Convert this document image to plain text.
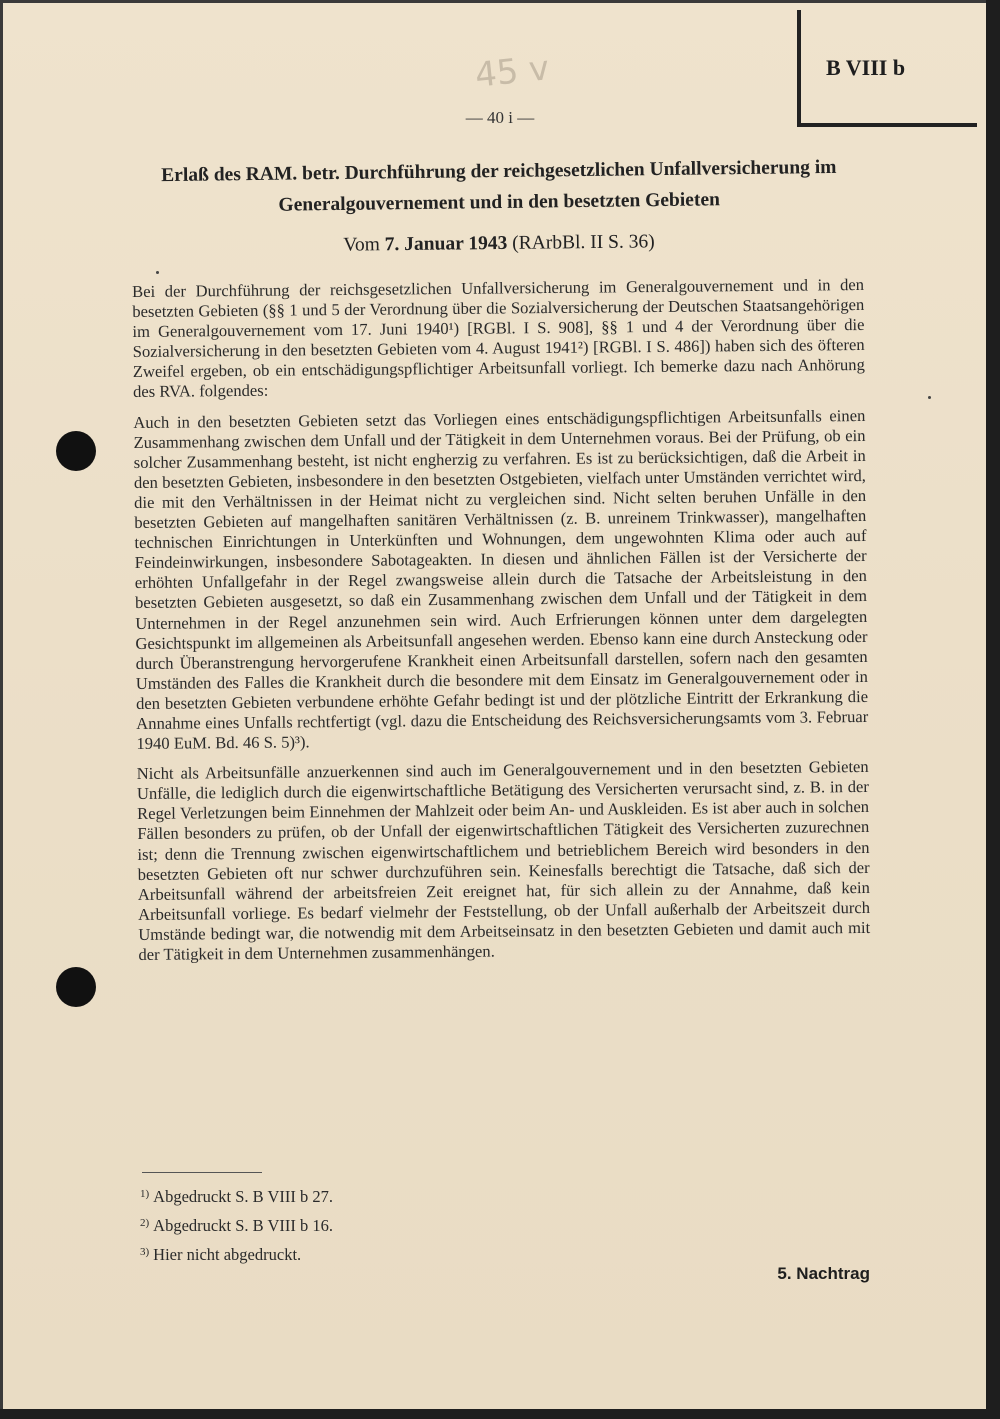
B VIII b
45 v
— 40 i —
Erlaß des RAM. betr. Durchführung der reichgesetzlichen Unfallversicherung im Generalgouvernement und in den besetzten Gebieten
Vom 7. Januar 1943 (RArbBl. II S. 36)

Bei der Durchführung der reichsgesetzlichen Unfallversicherung im Generalgouvernement und in den besetzten Gebieten (§§ 1 und 5 der Verordnung über die Sozialversicherung der Deutschen Staatsangehörigen im Generalgouvernement vom 17. Juni 1940¹) [RGBl. I S. 908], §§ 1 und 4 der Verordnung über die Sozialversicherung in den besetzten Gebieten vom 4. August 1941²) [RGBl. I S. 486]) haben sich des öfteren Zweifel ergeben, ob ein entschädigungspflichtiger Arbeitsunfall vorliegt. Ich bemerke dazu nach Anhörung des RVA. folgendes:

Auch in den besetzten Gebieten setzt das Vorliegen eines entschädigungspflichtigen Arbeitsunfalls einen Zusammenhang zwischen dem Unfall und der Tätigkeit in dem Unternehmen voraus. Bei der Prüfung, ob ein solcher Zusammenhang besteht, ist nicht engherzig zu verfahren. Es ist zu berücksichtigen, daß die Arbeit in den besetzten Gebieten, insbesondere in den besetzten Ostgebieten, vielfach unter Umständen verrichtet wird, die mit den Verhältnissen in der Heimat nicht zu vergleichen sind. Nicht selten beruhen Unfälle in den besetzten Gebieten auf mangelhaften sanitären Verhältnissen (z. B. unreinem Trinkwasser), mangelhaften technischen Einrichtungen in Unterkünften und Wohnungen, dem ungewohnten Klima oder auch auf Feindeinwirkungen, insbesondere Sabotageakten. In diesen und ähnlichen Fällen ist der Versicherte der erhöhten Unfallgefahr in der Regel zwangsweise allein durch die Tatsache der Arbeitsleistung in den besetzten Gebieten ausgesetzt, so daß ein Zusammenhang zwischen dem Unfall und der Tätigkeit in dem Unternehmen in der Regel anzunehmen sein wird. Auch Erfrierungen können unter dem dargelegten Gesichtspunkt im allgemeinen als Arbeitsunfall angesehen werden. Ebenso kann eine durch Ansteckung oder durch Überanstrengung hervorgerufene Krankheit einen Arbeitsunfall darstellen, sofern nach den gesamten Umständen des Falles die Krankheit durch die besondere mit dem Einsatz im Generalgouvernement oder in den besetzten Gebieten verbundene erhöhte Gefahr bedingt ist und der plötzliche Eintritt der Erkrankung die Annahme eines Unfalls rechtfertigt (vgl. dazu die Entscheidung des Reichsversicherungsamts vom 3. Februar 1940 EuM. Bd. 46 S. 5)³).

Nicht als Arbeitsunfälle anzuerkennen sind auch im Generalgouvernement und in den besetzten Gebieten Unfälle, die lediglich durch die eigenwirtschaftliche Betätigung des Versicherten verursacht sind, z. B. in der Regel Verletzungen beim Einnehmen der Mahlzeit oder beim An- und Auskleiden. Es ist aber auch in solchen Fällen besonders zu prüfen, ob der Unfall der eigenwirtschaftlichen Tätigkeit des Versicherten zuzurechnen ist; denn die Trennung zwischen eigenwirtschaftlichem und betrieblichem Bereich wird besonders in den besetzten Gebieten oft nur schwer durchzuführen sein. Keinesfalls berechtigt die Tatsache, daß sich der Arbeitsunfall während der arbeitsfreien Zeit ereignet hat, für sich allein zu der Annahme, daß kein Arbeitsunfall vorliege. Es bedarf vielmehr der Feststellung, ob der Unfall außerhalb der Arbeitszeit durch Umstände bedingt war, die notwendig mit dem Arbeitseinsatz in den besetzten Gebieten und damit auch mit der Tätigkeit in dem Unternehmen zusammenhängen.

$^{1)}$ Abgedruckt S. B VIII b 27.
$^{2)}$ Abgedruckt S. B VIII b 16.
$^{3)}$ Hier nicht abgedruckt.
5. Nachtrag
